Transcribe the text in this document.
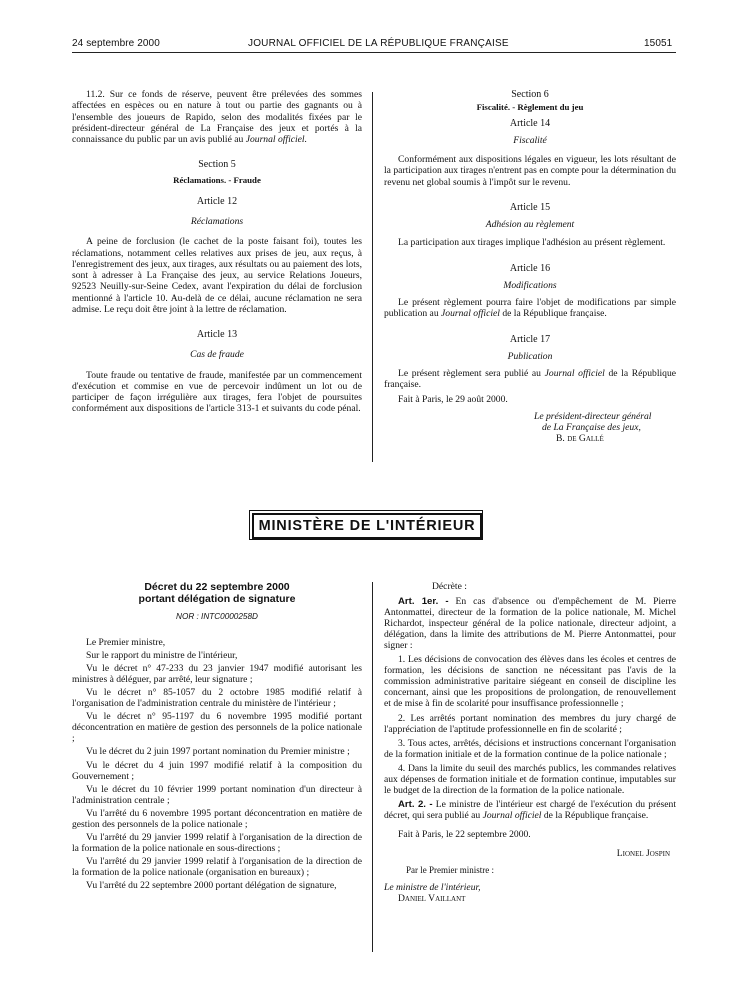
24 septembre 2000	JOURNAL OFFICIEL DE LA RÉPUBLIQUE FRANÇAISE	15051

11.2. Sur ce fonds de réserve, peuvent être prélevées des sommes affectées en espèces ou en nature à tout ou partie des gagnants ou à l'ensemble des joueurs de Rapido, selon des modalités fixées par le président-directeur général de La Française des jeux et portés à la connaissance du public par un avis publié au Journal officiel.

Section 5

Réclamations. - Fraude

Article 12

Réclamations

A peine de forclusion (le cachet de la poste faisant foi), toutes les réclamations, notamment celles relatives aux prises de jeu, aux reçus, à l'enregistrement des jeux, aux tirages, aux résultats ou au paiement des lots, sont à adresser à La Française des jeux, au service Relations Joueurs, 92523 Neuilly-sur-Seine Cedex, avant l'expiration du délai de forclusion mentionné à l'article 10. Au-delà de ce délai, aucune réclamation ne sera admise. Le reçu doit être joint à la lettre de réclamation.

Article 13

Cas de fraude

Toute fraude ou tentative de fraude, manifestée par un commencement d'exécution et commise en vue de percevoir indûment un lot ou de participer de façon irrégulière aux tirages, fera l'objet de poursuites conformément aux dispositions de l'article 313-1 et suivants du code pénal.

Section 6

Fiscalité. - Règlement du jeu

Article 14

Fiscalité

Conformément aux dispositions légales en vigueur, les lots résultant de la participation aux tirages n'entrent pas en compte pour la détermination du revenu net global soumis à l'impôt sur le revenu.

Article 15

Adhésion au règlement

La participation aux tirages implique l'adhésion au présent règlement.

Article 16

Modifications

Le présent règlement pourra faire l'objet de modifications par simple publication au Journal officiel de la République française.

Article 17

Publication

Le présent règlement sera publié au Journal officiel de la République française.

Fait à Paris, le 29 août 2000.

Le président-directeur général

de La Française des jeux,

B. de Gallé

MINISTÈRE DE L'INTÉRIEUR

Décret du 22 septembre 2000

portant délégation de signature

NOR : INTC0000258D

Le Premier ministre,

Sur le rapport du ministre de l'intérieur,

Vu le décret n° 47-233 du 23 janvier 1947 modifié autorisant les ministres à déléguer, par arrêté, leur signature ;

Vu le décret n° 85-1057 du 2 octobre 1985 modifié relatif à l'organisation de l'administration centrale du ministère de l'intérieur ;

Vu le décret n° 95-1197 du 6 novembre 1995 modifié portant déconcentration en matière de gestion des personnels de la police nationale ;

Vu le décret du 2 juin 1997 portant nomination du Premier ministre ;

Vu le décret du 4 juin 1997 modifié relatif à la composition du Gouvernement ;

Vu le décret du 10 février 1999 portant nomination d'un directeur à l'administration centrale ;

Vu l'arrêté du 6 novembre 1995 portant déconcentration en matière de gestion des personnels de la police nationale ;

Vu l'arrêté du 29 janvier 1999 relatif à l'organisation de la direction de la formation de la police nationale en sous-directions ;

Vu l'arrêté du 29 janvier 1999 relatif à l'organisation de la direction de la formation de la police nationale (organisation en bureaux) ;

Vu l'arrêté du 22 septembre 2000 portant délégation de signature,

Décrète :

Art. 1er. - En cas d'absence ou d'empêchement de M. Pierre Antonmattei, directeur de la formation de la police nationale, M. Michel Richardot, inspecteur général de la police nationale, directeur adjoint, a délégation, dans la limite des attributions de M. Pierre Antonmattei, pour signer :

1. Les décisions de convocation des élèves dans les écoles et centres de formation, les décisions de sanction ne nécessitant pas l'avis de la commission administrative paritaire siégeant en conseil de discipline les concernant, ainsi que les propositions de prolongation, de renouvellement et de mise à fin de scolarité pour insuffisance professionnelle ;

2. Les arrêtés portant nomination des membres du jury chargé de l'appréciation de l'aptitude professionnelle en fin de scolarité ;

3. Tous actes, arrêtés, décisions et instructions concernant l'organisation de la formation initiale et de la formation continue de la police nationale ;

4. Dans la limite du seuil des marchés publics, les commandes relatives aux dépenses de formation initiale et de formation continue, imputables sur le budget de la direction de la formation de la police nationale.

Art. 2. - Le ministre de l'intérieur est chargé de l'exécution du présent décret, qui sera publié au Journal officiel de la République française.

Fait à Paris, le 22 septembre 2000.

Lionel Jospin

Par le Premier ministre :

Le ministre de l'intérieur,

Daniel Vaillant
